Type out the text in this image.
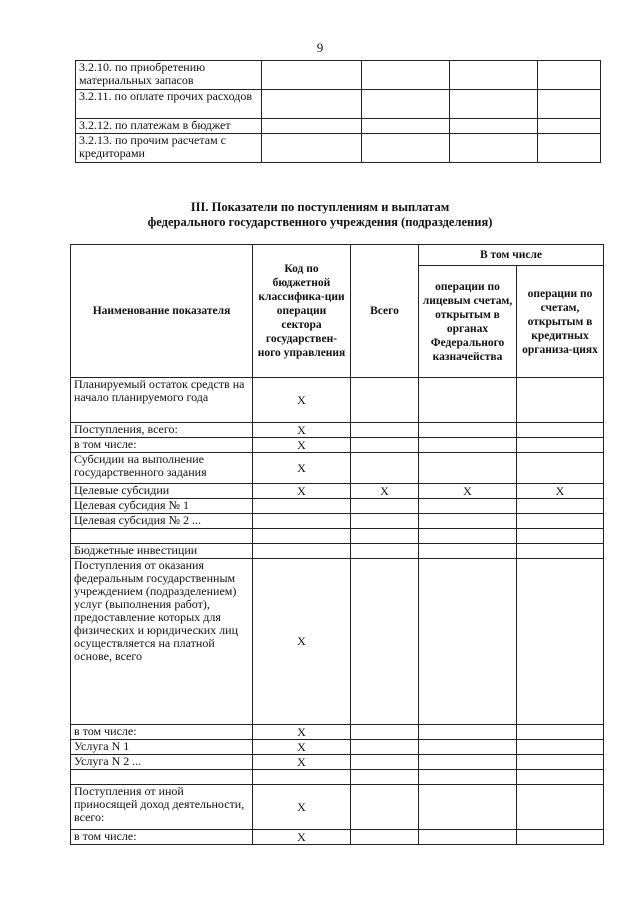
9
3.2.10. по приобретению материальных запасов				
3.2.11. по оплате прочих расходов				
3.2.12. по платежам в бюджет				
3.2.13. по прочим расчетам с кредиторами				
III. Показатели по поступлениям и выплатам
федерального государственного учреждения (подразделения)
Наименование показателя	Код по бюджетной классифика-ции операции сектора государствен-ного управления	Всего	В том числе	
			операции по лицевым счетам, открытым в органах Федерального казначейства	операции по счетам, открытым в кредитных организа-циях
Планируемый остаток средств на начало планируемого года	X			
Поступления, всего:	X			
в том числе:	X			
Субсидии на выполнение государственного задания	X			
Целевые субсидии	X	X	X	X
Целевая субсидия № 1				
Целевая субсидия № 2 ...				

Бюджетные инвестиции				
Поступления от оказания федеральным государственным учреждением (подразделением) услуг (выполнения работ), предоставление которых для физических и юридических лиц осуществляется на платной основе, всего	X			
в том числе:	X			
Услуга N 1	X			
Услуга N 2 ...	X			

Поступления от иной приносящей доход деятельности, всего:	X			
в том числе:	X			
